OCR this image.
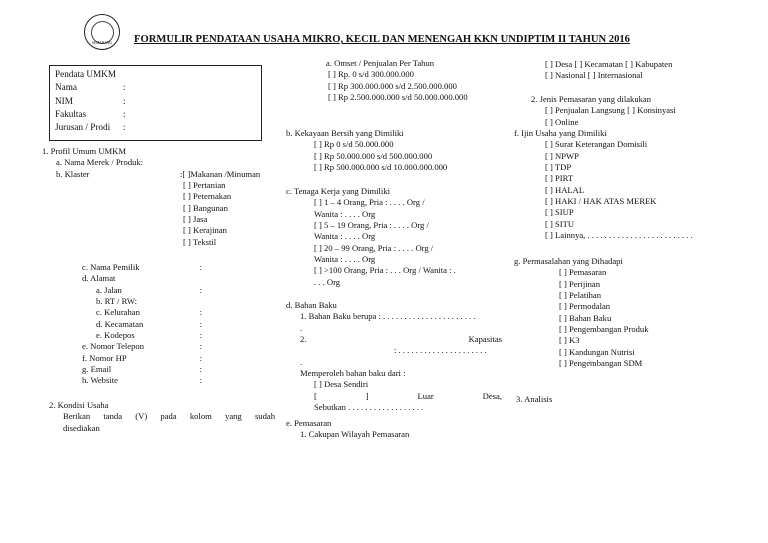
SEMARANG	FORMULIR PENDATAAN USAHA MIKRO, KECIL DAN MENENGAH KKN UNDIPTIM II TAHUN 2016
Pendata UMKM
Nama	:
NIM	:
Fakultas	:
Jurusan / Prodi	:
1. Profil Umum UMKM
a. Nama Merek / Produk:
b. Klaster	:[ ]Makanan /Minuman
[ ] Pertanian
[ ] Peternakan
[ ] Bangunan
[ ] Jasa
[ ] Kerajinan
[ ] Tekstil
c. Nama Pemilik	:
d. Alamat
a. Jalan	:
b. RT / RW:
c. Kelurahan	:
d. Kecamatan	:
e. Kodepos	:
e. Nomor Telepon	:
f. Nomor HP	:
g. Email	:
h. Website	:
2. Kondisi Usaha
Berikan tanda (V) pada kolom yang sudah
disediakan
a. Omset / Penjualan Per Tahun
[ ] Rp. 0 s/d 300.000.000
[ ] Rp 300.000.000 s/d 2.500.000.000
[ ] Rp 2.500.000.000 s/d 50.000.000.000
b. Kekayaan Bersih yang Dimiliki
[ ] Rp 0 s/d 50.000.000
[ ] Rp 50.000.000 s/d 500.000.000
[ ] Rp 500.000.000 s/d 10.000.000.000
c. Tenaga Kerja yang Dimiliki
[ ] 1 – 4 Orang, Pria : . . . . Org /
Wanita : . . . . Org
[ ] 5 – 19 Orang, Pria : . . . . Org /
Wanita : . . . . Org
[ ] 20 – 99 Orang, Pria : . . . . Org /
Wanita : . . . . Org
[ ] >100 Orang, Pria : . . . Org / Wanita : .
. . . Org
d. Bahan Baku
1. Bahan Baku berupa : . . . . . . . . . . . . . . . . . . . . . .
.
2.	Kapasitas
: . . . . . . . . . . . . . . . . . . . . .
.
Memperoleh bahan baku dari :
[ ] Desa Sendiri
[	]	Luar	Desa,
Sebutkan . . . . . . . . . . . . . . . . . .
e. Pemasaran
1. Cakupan Wilayah Pemasaran
[ ] Desa [ ] Kecamatan [ ] Kabupaten
[ ] Nasional [ ] Internasional
2. Jenis Pemasaran yang dilakukan
[ ] Penjualan Langsung [ ] Konsinyasi
[ ] Online
f. Ijin Usaha yang Dimiliki
[ ] Surat Keterangan Domisili
[ ] NPWP
[ ] TDP
[ ] PIRT
[ ] HALAL
[ ] HAKI / HAK ATAS MEREK
[ ] SIUP
[ ] SITU
[ ] Lainnya, . . . . . . . . . . . . . . . . . . . . . . . . .
g. Permasalahan yang Dihadapi
[ ] Pemasaran
[ ] Perijinan
[ ] Pelatihan
[ ] Permodalan
[ ] Bahan Baku
[ ] Pengembangan Produk
[ ] K3
[ ] Kandungan Nutrisi
[ ] Pengembangan SDM
3. Analisis
